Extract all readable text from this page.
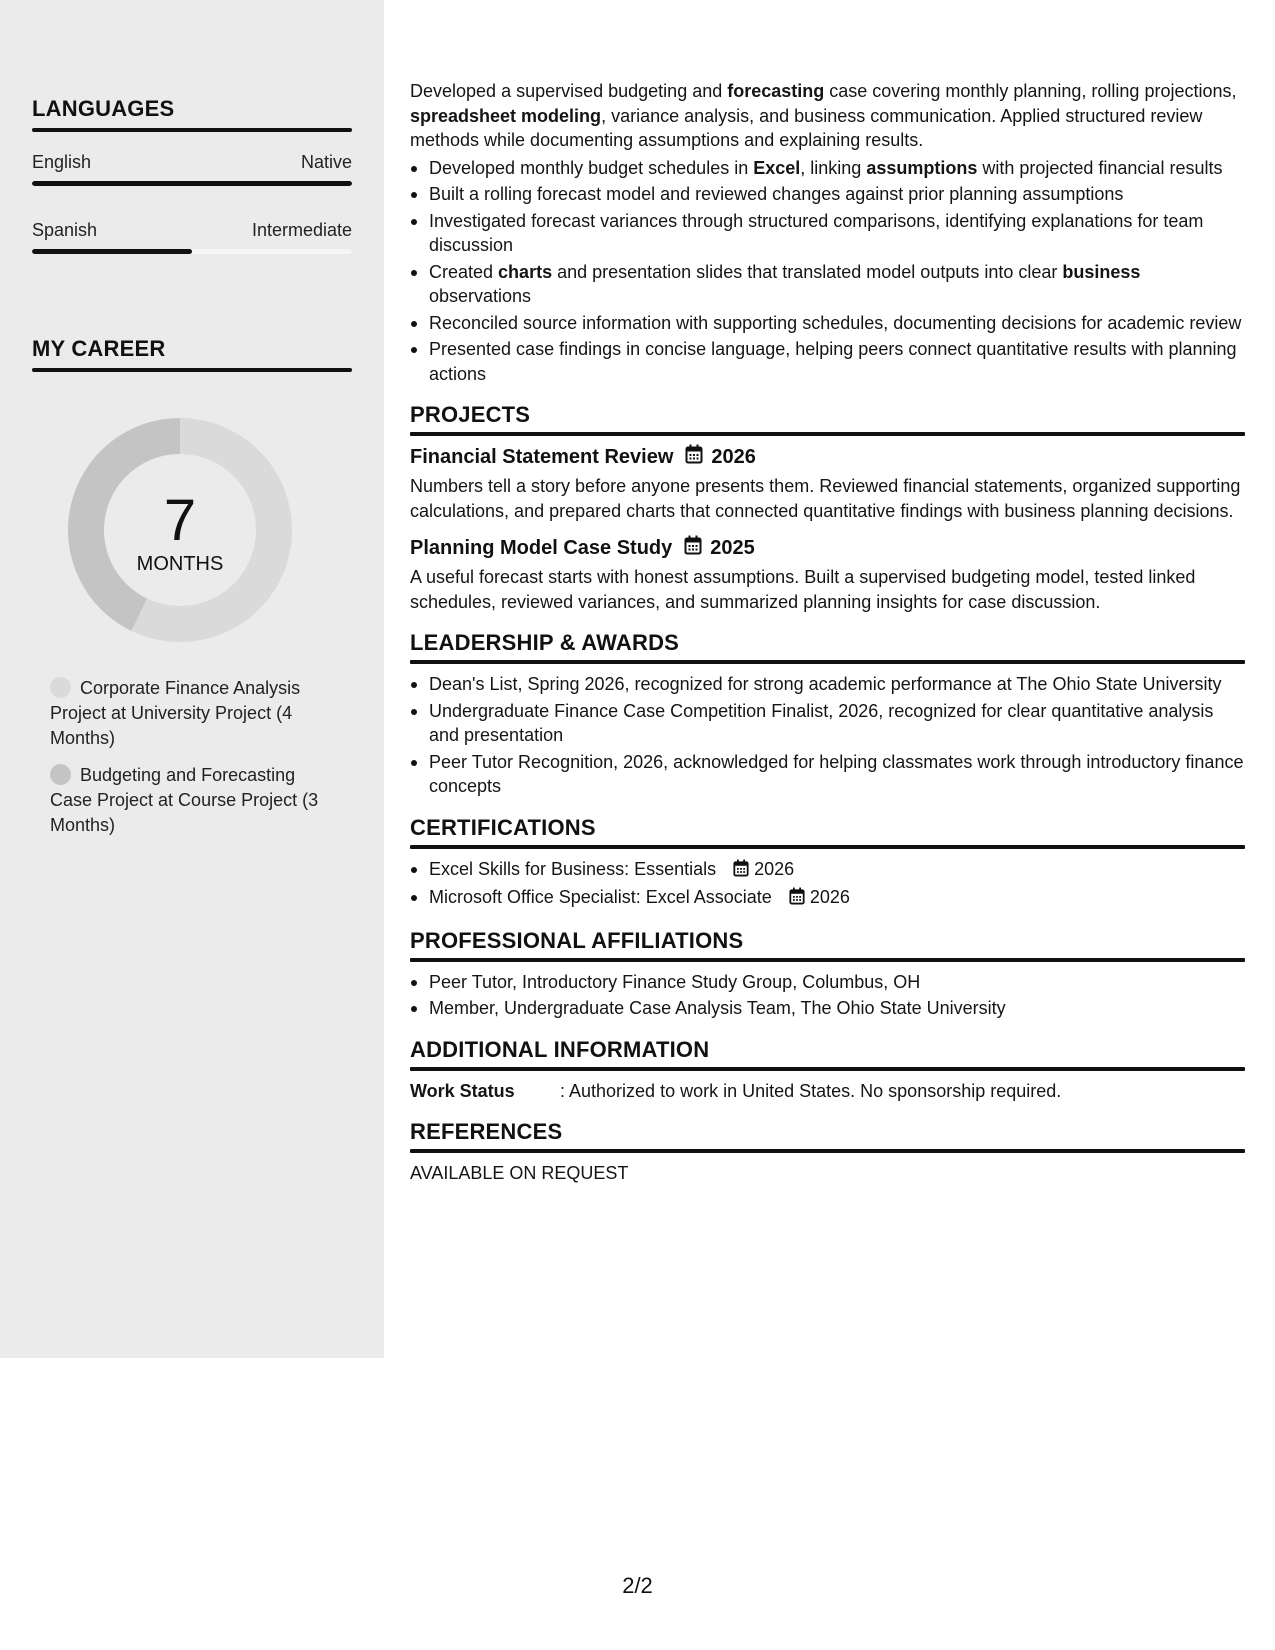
LANGUAGES
English	Native
Spanish	Intermediate
MY CAREER
7
MONTHS
Corporate Finance Analysis Project at University Project (4 Months)
Budgeting and Forecasting Case Project at Course Project (3 Months)

Developed a supervised budgeting and forecasting case covering monthly planning, rolling projections, spreadsheet modeling, variance analysis, and business communication. Applied structured review methods while documenting assumptions and explaining results.

Developed monthly budget schedules in Excel, linking assumptions with projected financial results
Built a rolling forecast model and reviewed changes against prior planning assumptions
Investigated forecast variances through structured comparisons, identifying explanations for team discussion
Created charts and presentation slides that translated model outputs into clear business observations
Reconciled source information with supporting schedules, documenting decisions for academic review
Presented case findings in concise language, helping peers connect quantitative results with planning actions
PROJECTS
Financial Statement Review 2026

Numbers tell a story before anyone presents them. Reviewed financial statements, organized supporting calculations, and prepared charts that connected quantitative findings with business planning decisions.

Planning Model Case Study 2025

A useful forecast starts with honest assumptions. Built a supervised budgeting model, tested linked schedules, reviewed variances, and summarized planning insights for case discussion.

LEADERSHIP & AWARDS
Dean's List, Spring 2026, recognized for strong academic performance at The Ohio State University
Undergraduate Finance Case Competition Finalist, 2026, recognized for clear quantitative analysis and presentation
Peer Tutor Recognition, 2026, acknowledged for helping classmates work through introductory finance concepts
CERTIFICATIONS
Excel Skills for Business: Essentials 2026
Microsoft Office Specialist: Excel Associate 2026
PROFESSIONAL AFFILIATIONS
Peer Tutor, Introductory Finance Study Group, Columbus, OH
Member, Undergraduate Case Analysis Team, The Ohio State University
ADDITIONAL INFORMATION
Work Status	: Authorized to work in United States. No sponsorship required.
REFERENCES

AVAILABLE ON REQUEST

2/2
